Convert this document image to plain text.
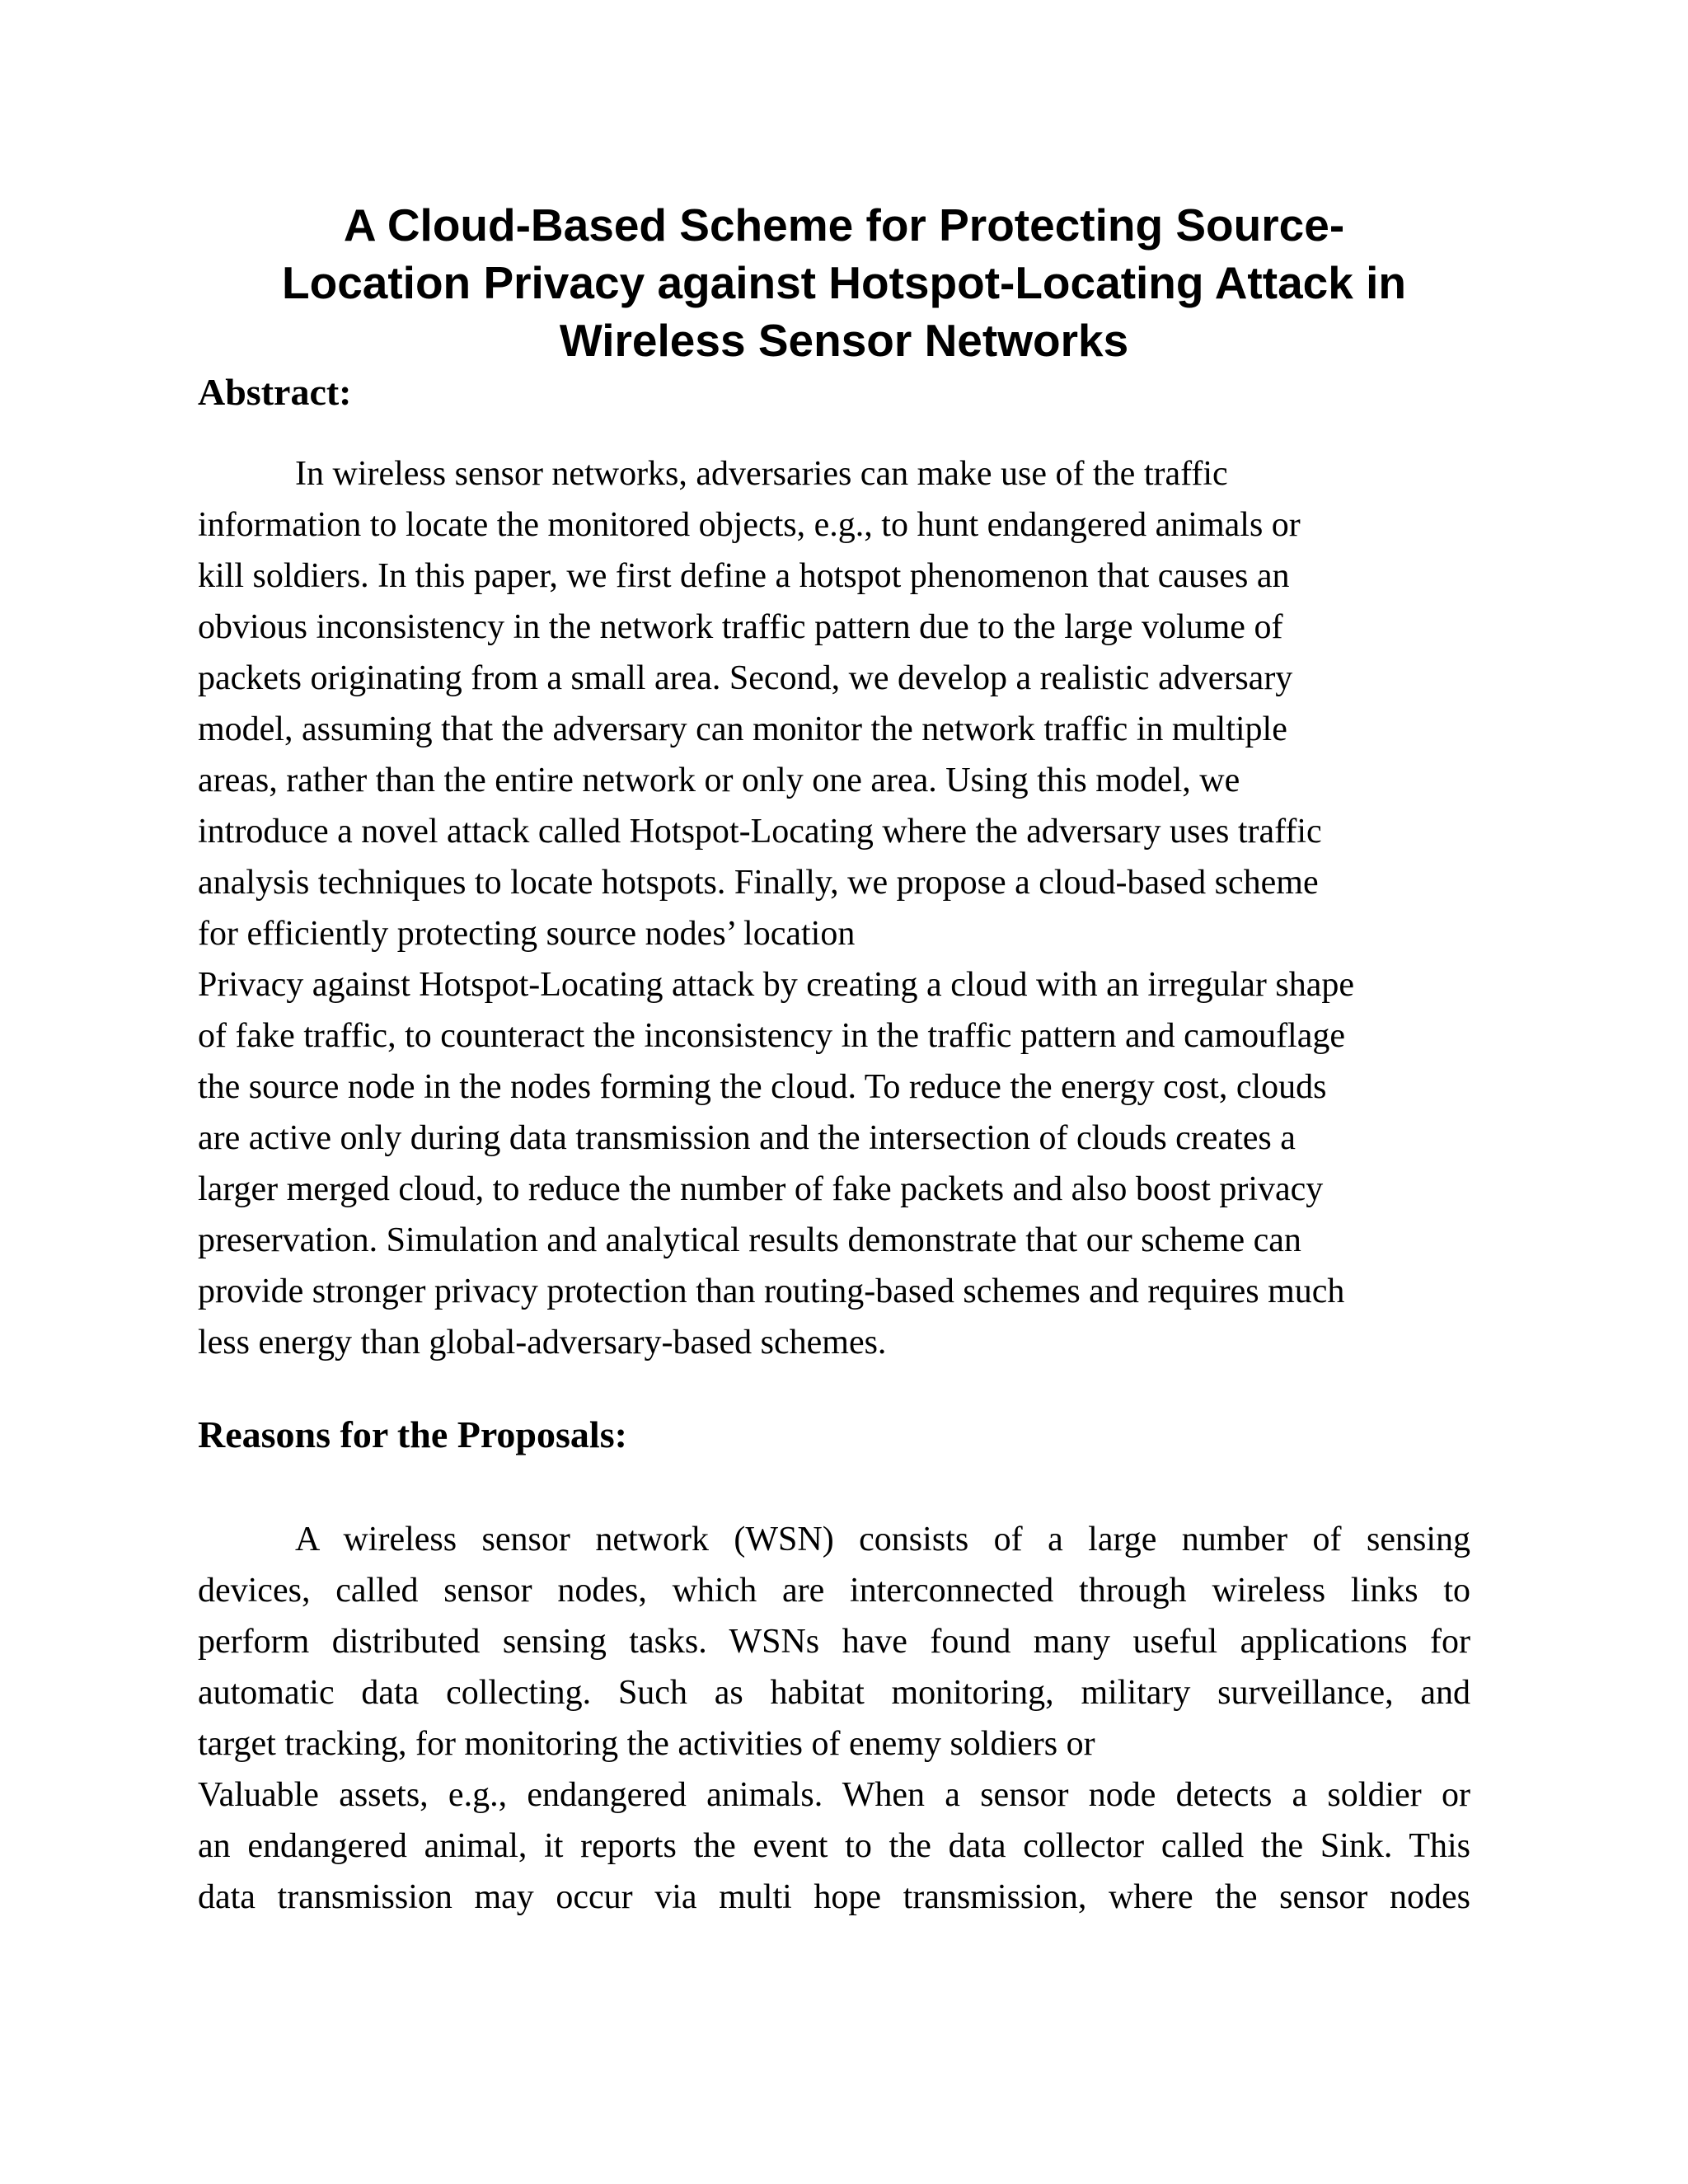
A Cloud-Based Scheme for Protecting Source-
Location Privacy against Hotspot-Locating Attack in
Wireless Sensor Networks
Abstract:
In wireless sensor networks, adversaries can make use of the traffic
information to locate the monitored objects, e.g., to hunt endangered animals or
kill soldiers. In this paper, we first define a hotspot phenomenon that causes an
obvious inconsistency in the network traffic pattern due to the large volume of
packets originating from a small area. Second, we develop a realistic adversary
model, assuming that the adversary can monitor the network traffic in multiple
areas, rather than the entire network or only one area. Using this model, we
introduce a novel attack called Hotspot-Locating where the adversary uses traffic
analysis techniques to locate hotspots. Finally, we propose a cloud-based scheme
for efficiently protecting source nodes’ location
Privacy against Hotspot-Locating attack by creating a cloud with an irregular shape
of fake traffic, to counteract the inconsistency in the traffic pattern and camouflage
the source node in the nodes forming the cloud. To reduce the energy cost, clouds
are active only during data transmission and the intersection of clouds creates a
larger merged cloud, to reduce the number of fake packets and also boost privacy
preservation. Simulation and analytical results demonstrate that our scheme can
provide stronger privacy protection than routing-based schemes and requires much
less energy than global-adversary-based schemes.
Reasons for the Proposals:
A wireless sensor network (WSN) consists of a large number of sensing
devices, called sensor nodes, which are interconnected through wireless links to
perform distributed sensing tasks. WSNs have found many useful applications for
automatic data collecting. Such as habitat monitoring, military surveillance, and
target tracking, for monitoring the activities of enemy soldiers or
Valuable assets, e.g., endangered animals. When a sensor node detects a soldier or
an endangered animal, it reports the event to the data collector called the Sink. This
data transmission may occur via multi hope transmission, where the sensor nodes
